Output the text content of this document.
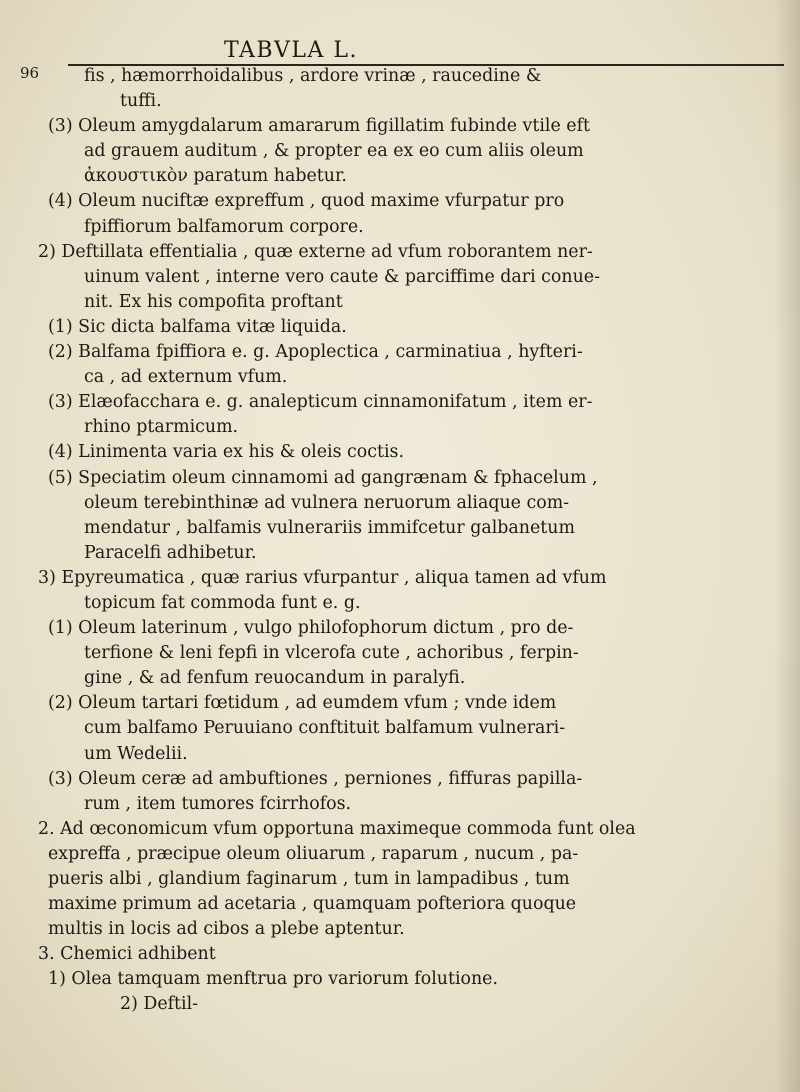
96
TABVLA L.
fis , hæmorrhoidalibus , ardore vrinæ , raucedine &
tuffi.
(3) Oleum amygdalarum amararum figillatim fubinde vtile eft
ad grauem auditum , & propter ea ex eo cum aliis oleum
ἀκουστικὸν paratum habetur.
(4) Oleum nuciftæ expreffum , quod maxime vfurpatur pro
fpiffiorum balfamorum corpore.
2) Deftillata effentialia , quæ externe ad vfum roborantem ner-
uinum valent , interne vero caute & parciffime dari conue-
nit. Ex his compofita proftant
(1) Sic dicta balfama vitæ liquida.
(2) Balfama fpiffiora e. g. Apoplectica , carminatiua , hyfteri-
ca , ad externum vfum.
(3) Elæofacchara e. g. analepticum cinnamonifatum , item er-
rhino ptarmicum.
(4) Linimenta varia ex his & oleis coctis.
(5) Speciatim oleum cinnamomi ad gangrænam & fphacelum ,
oleum terebinthinæ ad vulnera neruorum aliaque com-
mendatur , balfamis vulnerariis immifcetur galbanetum
Paracelfi adhibetur.
3) Epyreumatica , quæ rarius vfurpantur , aliqua tamen ad vfum
topicum fat commoda funt e. g.
(1) Oleum laterinum , vulgo philofophorum dictum , pro de-
terfione & leni fepfi in vlcerofa cute , achoribus , ferpin-
gine , & ad fenfum reuocandum in paralyfi.
(2) Oleum tartari fœtidum , ad eumdem vfum ; vnde idem
cum balfamo Peruuiano conftituit balfamum vulnerari-
um Wedelii.
(3) Oleum ceræ ad ambuftiones , perniones , fiffuras papilla-
rum , item tumores fcirrhofos.
2. Ad œconomicum vfum opportuna maximeque commoda funt olea
expreffa , præcipue oleum oliuarum , raparum , nucum , pa-
pueris albi , glandium faginarum , tum in lampadibus , tum
maxime primum ad acetaria , quamquam pofteriora quoque
multis in locis ad cibos a plebe aptentur.
3. Chemici adhibent
1) Olea tamquam menftrua pro variorum folutione.
2) Deftil-
